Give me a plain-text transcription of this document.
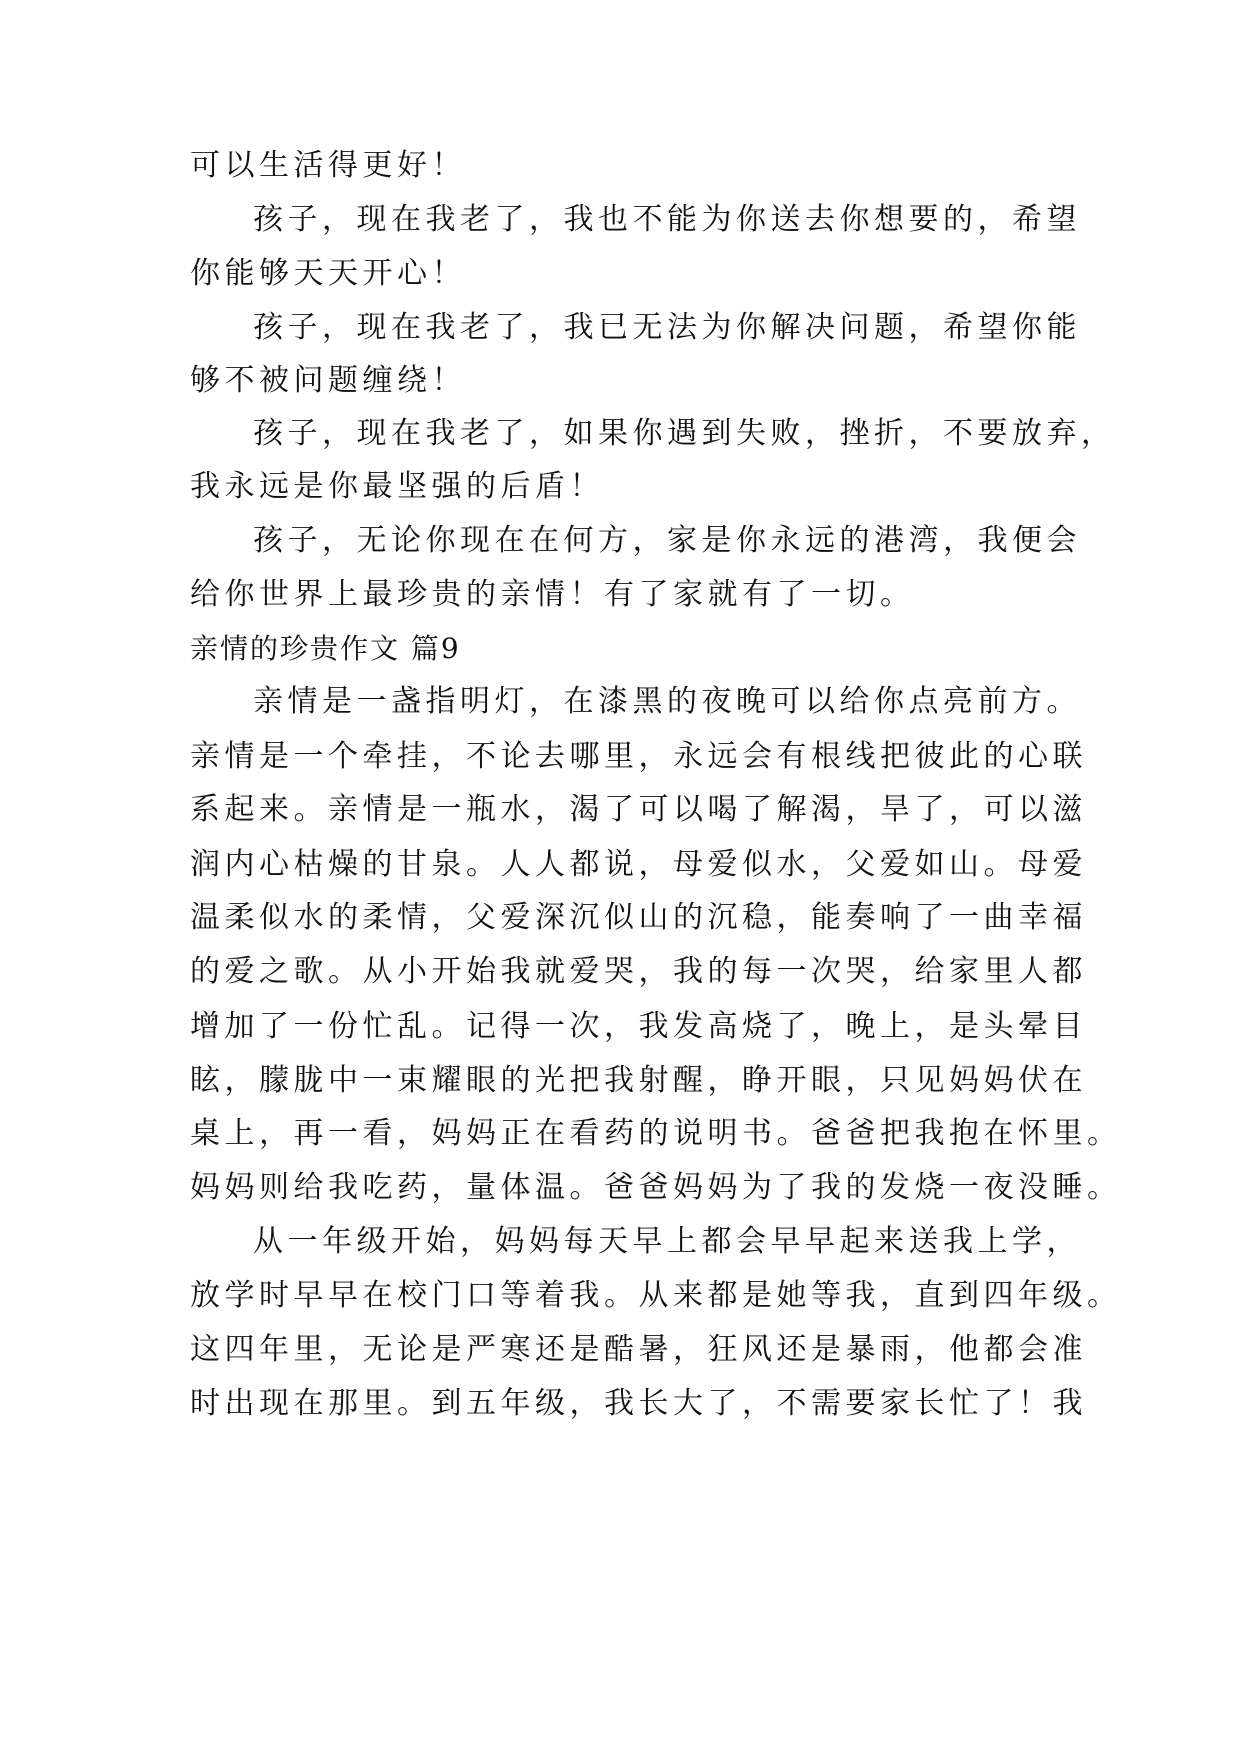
可以生活得更好！
孩子，现在我老了，我也不能为你送去你想要的，希望
你能够天天开心！
孩子，现在我老了，我已无法为你解决问题，希望你能
够不被问题缠绕！
孩子，现在我老了，如果你遇到失败，挫折，不要放弃，
我永远是你最坚强的后盾！
孩子，无论你现在在何方，家是你永远的港湾，我便会
给你世界上最珍贵的亲情！有了家就有了一切。
亲情的珍贵作文 篇9
亲情是一盏指明灯，在漆黑的夜晚可以给你点亮前方。
亲情是一个牵挂，不论去哪里，永远会有根线把彼此的心联
系起来。亲情是一瓶水，渴了可以喝了解渴，旱了，可以滋
润内心枯燥的甘泉。人人都说，母爱似水，父爱如山。母爱
温柔似水的柔情，父爱深沉似山的沉稳，能奏响了一曲幸福
的爱之歌。从小开始我就爱哭，我的每一次哭，给家里人都
增加了一份忙乱。记得一次，我发高烧了，晚上，是头晕目
眩，朦胧中一束耀眼的光把我射醒，睁开眼，只见妈妈伏在
桌上，再一看，妈妈正在看药的说明书。爸爸把我抱在怀里。
妈妈则给我吃药，量体温。爸爸妈妈为了我的发烧一夜没睡。
从一年级开始，妈妈每天早上都会早早起来送我上学，
放学时早早在校门口等着我。从来都是她等我，直到四年级。
这四年里，无论是严寒还是酷暑，狂风还是暴雨，他都会准
时出现在那里。到五年级，我长大了，不需要家长忙了！我
